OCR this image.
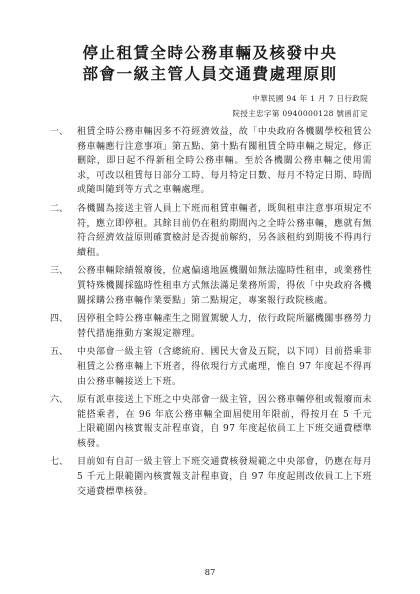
停止租賃全時公務車輛及核發中央
部會一級主管人員交通費處理原則
中華民國 94 年 1 月 7 日行政院
院授主忠字第 0940000128 號函訂定
一、 租賃全時公務車輛因多不符經濟效益，故「中央政府各機關學校租賃公務車輛應行注意事項」第五點、第十點有關租賃全時車輛之規定，修正刪除，即日起不得新租全時公務車輛。至於各機關公務車輛之使用需求，可改以租賃每日部分工時、每月特定日數、每月不特定日期、時間或隨叫隨到等方式之車輛處理。
二、 各機關為接送主管人員上下班而租賃車輛者，既與租車注意事項規定不符，應立即停租。其餘目前仍在租約期間內之全時公務車輛，應就有無符合經濟效益原則確實檢討是否提前解約，另各該租約到期後不得再行續租。
三、 公務車輛除績報廢後，位處偏遠地區機關如無法臨時性租車，或業務性質特殊機關採臨時性租車方式無法滿足業務所需，得依「中央政府各機關採購公務車輛作業要點」第二點規定，專案報行政院核處。
四、 因停租全時公務車輛產生之閒置駕駛人力，依行政院所屬機關事務勞力替代措施推動方案規定辦理。
五、 中央部會一級主管（含總統府、國民大會及五院，以下同）目前搭乘非租賃之公務車輛上下班者，得依現行方式處理，惟自 97 年度起不得再由公務車輛接送上下班。
六、 原有派車接送上下班之中央部會一級主管，因公務車輛停租或報廢而未能搭乘者，在 96 年底公務車輛全面屆使用年限前，得按月在 5 千元上限範圍內核實報支計程車資，自 97 年度起依員工上下班交通費標準核發。
七、 目前如有自訂一級主管上下班交通費核發規範之中央部會，仍應在每月 5 千元上限範圍內核實報支計程車資，自 97 年度起則改依員工上下班交通費標準核發。
87
